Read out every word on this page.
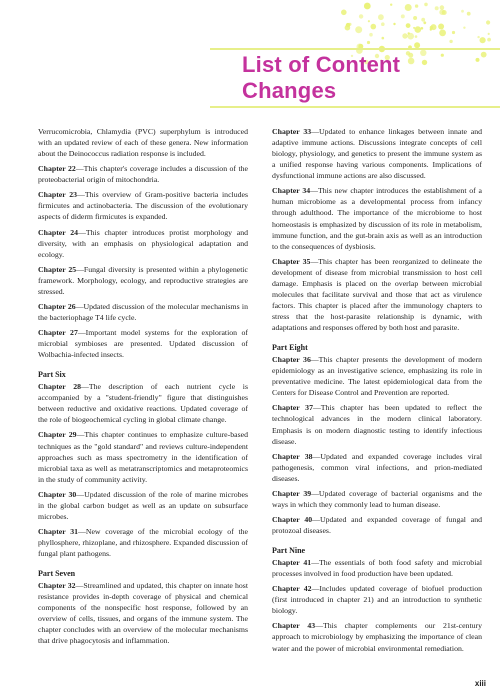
List of Content Changes

Verrucomicrobia, Chlamydia (PVC) superphylum is introduced with an updated review of each of these genera. New information about the Deinococcus radiation response is included.

Chapter 22—This chapter's coverage includes a discussion of the proteobacterial origin of mitochondria.

Chapter 23—This overview of Gram-positive bacteria includes firmicutes and actinobacteria. The discussion of the evolutionary aspects of diderm firmicutes is expanded.

Chapter 24—This chapter introduces protist morphology and diversity, with an emphasis on physiological adaptation and ecology.

Chapter 25—Fungal diversity is presented within a phylogenetic framework. Morphology, ecology, and reproductive strategies are stressed.

Chapter 26—Updated discussion of the molecular mechanisms in the bacteriophage T4 life cycle.

Chapter 27—Important model systems for the exploration of microbial symbioses are presented. Updated discussion of Wolbachia-infected insects.

Part Six

Chapter 28—The description of each nutrient cycle is accompanied by a "student-friendly" figure that distinguishes between reductive and oxidative reactions. Updated coverage of the role of biogeochemical cycling in global climate change.

Chapter 29—This chapter continues to emphasize culture-based techniques as the "gold standard" and reviews culture-independent approaches such as mass spectrometry in the identification of microbial taxa as well as metatranscriptomics and metaproteomics in the study of community activity.

Chapter 30—Updated discussion of the role of marine microbes in the global carbon budget as well as an update on subsurface microbes.

Chapter 31—New coverage of the microbial ecology of the phyllosphere, rhizoplane, and rhizosphere. Expanded discussion of fungal plant pathogens.

Part Seven

Chapter 32—Streamlined and updated, this chapter on innate host resistance provides in-depth coverage of physical and chemical components of the nonspecific host response, followed by an overview of cells, tissues, and organs of the immune system. The chapter concludes with an overview of the molecular mechanisms that drive phagocytosis and inflammation.

Chapter 33—Updated to enhance linkages between innate and adaptive immune actions. Discussions integrate concepts of cell biology, physiology, and genetics to present the immune system as a unified response having various components. Implications of dysfunctional immune actions are also discussed.

Chapter 34—This new chapter introduces the establishment of a human microbiome as a developmental process from infancy through adulthood. The importance of the microbiome to host homeostasis is emphasized by discussion of its role in metabolism, immune function, and the gut-brain axis as well as an introduction to the consequences of dysbiosis.

Chapter 35—This chapter has been reorganized to delineate the development of disease from microbial transmission to host cell damage. Emphasis is placed on the overlap between microbial molecules that facilitate survival and those that act as virulence factors. This chapter is placed after the immunology chapters to stress that the host-parasite relationship is dynamic, with adaptations and responses offered by both host and parasite.

Part Eight

Chapter 36—This chapter presents the development of modern epidemiology as an investigative science, emphasizing its role in preventative medicine. The latest epidemiological data from the Centers for Disease Control and Prevention are reported.

Chapter 37—This chapter has been updated to reflect the technological advances in the modern clinical laboratory. Emphasis is on modern diagnostic testing to identify infectious disease.

Chapter 38—Updated and expanded coverage includes viral pathogenesis, common viral infections, and prion-mediated diseases.

Chapter 39—Updated coverage of bacterial organisms and the ways in which they commonly lead to human disease.

Chapter 40—Updated and expanded coverage of fungal and protozoal diseases.

Part Nine

Chapter 41—The essentials of both food safety and microbial processes involved in food production have been updated.

Chapter 42—Includes updated coverage of biofuel production (first introduced in chapter 21) and an introduction to synthetic biology.

Chapter 43—This chapter complements our 21st-century approach to microbiology by emphasizing the importance of clean water and the power of microbial environmental remediation.

xiii
